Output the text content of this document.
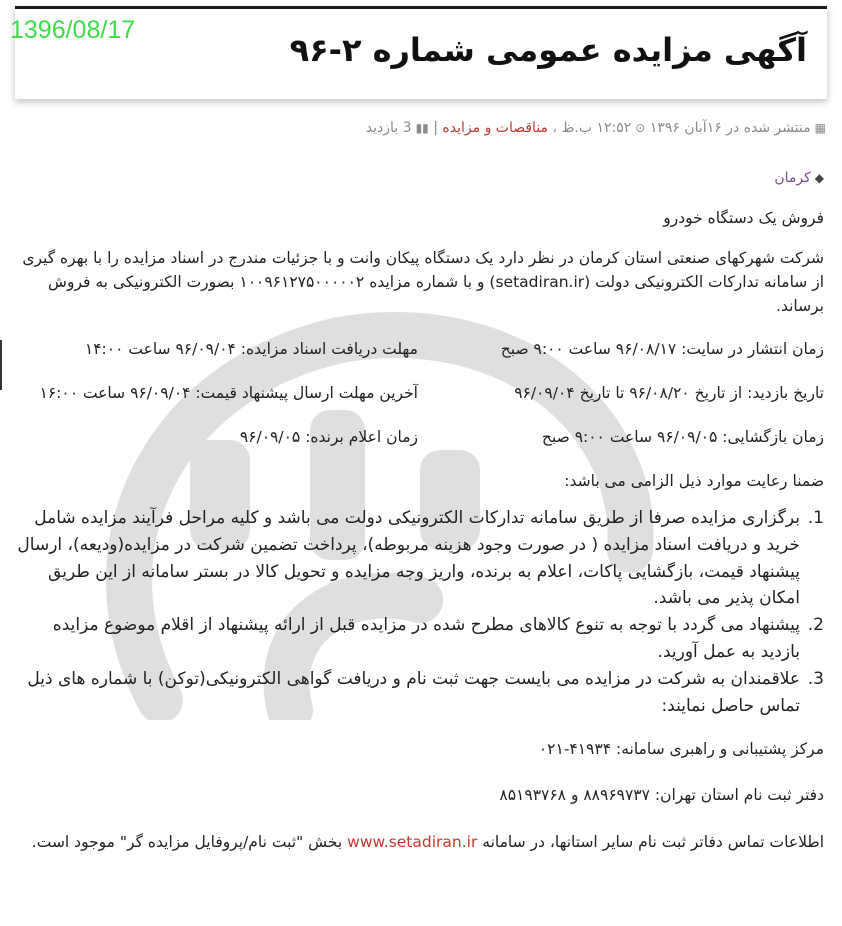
1396/08/17
آگهی مزایده عمومی شماره ۲-۹۶
▦منتشر شده در ۱۶آبان ۱۳۹۶ ⊙۱۲:۵۲ ب.ظ ، مناقصات و مزایده | ▮▮3 بازدید
◆کرمان

فروش یک دستگاه خودرو

شرکت شهرکهای صنعتی استان کرمان در نظر دارد یک دستگاه پیکان وانت و با جزئیات مندرج در اسناد مزایده را با بهره گیری از سامانه تدارکات الکترونیکی دولت (setadiran.ir) و با شماره مزایده ۱۰۰۹۶۱۲۷۵۰۰۰۰۰۲ بصورت الکترونیکی به فروش برساند.

زمان انتشار در سایت: ۹۶/۰۸/۱۷ ساعت ۹:۰۰ صبح
مهلت دریافت اسناد مزایده: ۹۶/۰۹/۰۴ ساعت ۱۴:۰۰
تاریخ بازدید: از تاریخ ۹۶/۰۸/۲۰ تا تاریخ ۹۶/۰۹/۰۴
آخرین مهلت ارسال پیشنهاد قیمت: ۹۶/۰۹/۰۴ ساعت ۱۶:۰۰
زمان بازگشایی: ۹۶/۰۹/۰۵ ساعت ۹:۰۰ صبح
زمان اعلام برنده: ۹۶/۰۹/۰۵

ضمنا رعایت موارد ذیل الزامی می باشد:

1.
برگزاری مزایده صرفا از طریق سامانه تدارکات الکترونیکی دولت می باشد و کلیه مراحل فرآیند مزایده شامل خرید و دریافت اسناد مزایده ( در صورت وجود هزینه مربوطه)، پرداخت تضمین شرکت در مزایده(ودیعه)، ارسال پیشنهاد قیمت، بازگشایی پاکات، اعلام به برنده، واریز وجه مزایده و تحویل کالا در بستر سامانه از این طریق امکان پذیر می باشد.
2.
پیشنهاد می گردد با توجه به تنوع کالاهای مطرح شده در مزایده قبل از ارائه پیشنهاد از اقلام موضوع مزایده بازدید به عمل آورید.
3.
علاقمندان به شرکت در مزایده می بایست جهت ثبت نام و دریافت گواهی الکترونیکی(توکن) با شماره های ذیل تماس حاصل نمایند:

مرکز پشتیبانی و راهبری سامانه: ۴۱۹۳۴-۰۲۱

دفتر ثبت نام استان تهران: ۸۸۹۶۹۷۳۷ و ۸۵۱۹۳۷۶۸

اطلاعات تماس دفاتر ثبت نام سایر استانها، در سامانه www.setadiran.ir بخش "ثبت نام/پروفایل مزایده گر" موجود است.
